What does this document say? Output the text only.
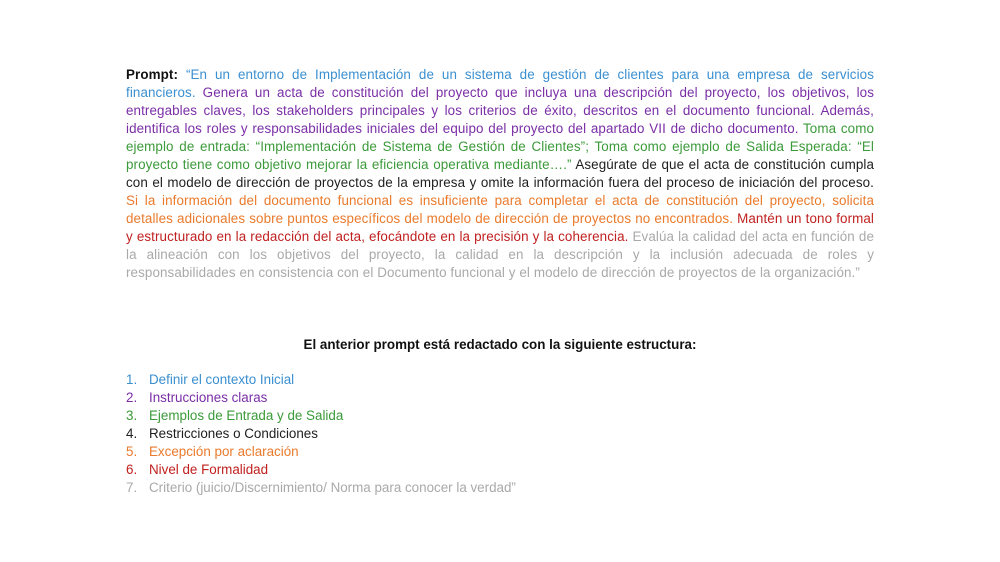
Prompt: “En un entorno de Implementación de un sistema de gestión de clientes para una empresa de servicios financieros. Genera un acta de constitución del proyecto que incluya una descripción del proyecto, los objetivos, los entregables claves, los stakeholders principales y los criterios de éxito, descritos en el documento funcional. Además, identifica los roles y responsabilidades iniciales del equipo del proyecto del apartado VII de dicho documento. Toma como ejemplo de entrada: “Implementación de Sistema de Gestión de Clientes”; Toma como ejemplo de Salida Esperada: “El proyecto tiene como objetivo mejorar la eficiencia operativa mediante….” Asegúrate de que el acta de constitución cumpla con el modelo de dirección de proyectos de la empresa y omite la información fuera del proceso de iniciación del proceso. Si la información del documento funcional es insuficiente para completar el acta de constitución del proyecto, solicita detalles adicionales sobre puntos específicos del modelo de dirección de proyectos no encontrados. Mantén un tono formal y estructurado en la redacción del acta, efocándote en la precisión y la coherencia. Evalúa la calidad del acta en función de la alineación con los objetivos del proyecto, la calidad en la descripción y la inclusión adecuada de roles y responsabilidades en consistencia con el Documento funcional y el modelo de dirección de proyectos de la organización.”

El anterior prompt está redactado con la siguiente estructura:
1. Definir el contexto Inicial
2. Instrucciones claras
3. Ejemplos de Entrada y de Salida
4. Restricciones o Condiciones
5. Excepción por aclaración
6. Nivel de Formalidad
7. Criterio (juicio/Discernimiento/ Norma para conocer la verdad”
